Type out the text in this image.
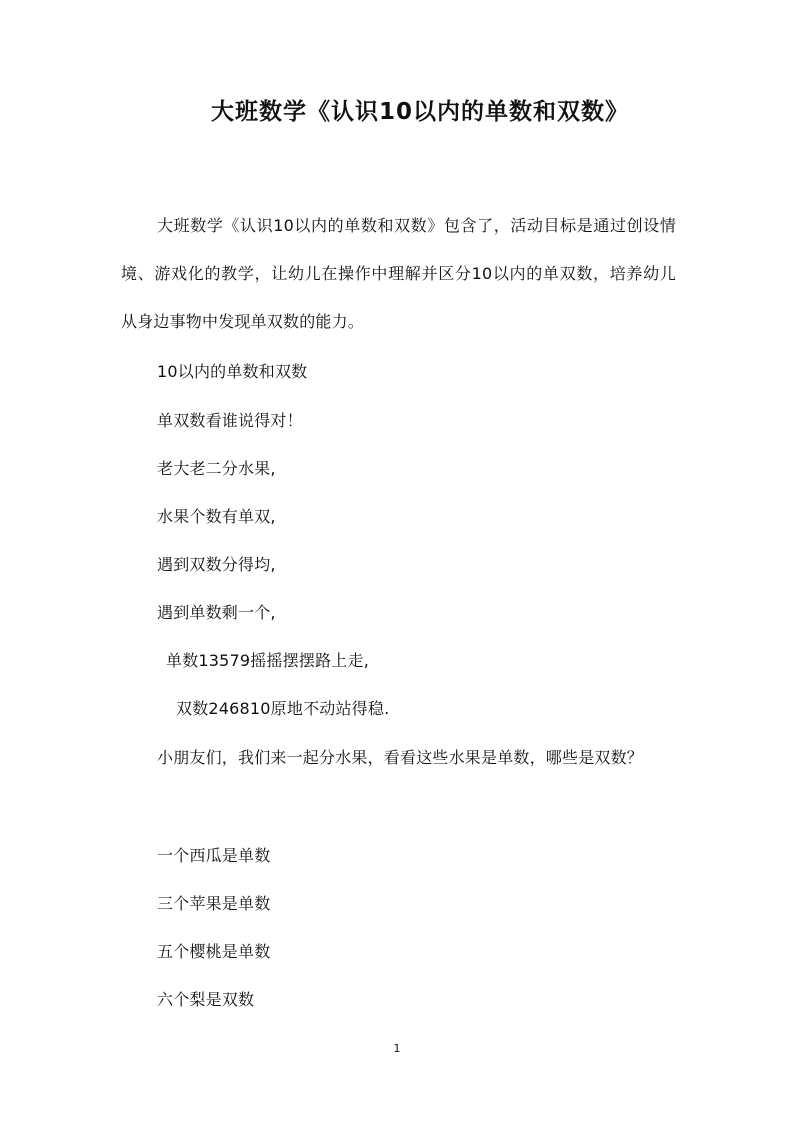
大班数学《认识10以内的单数和双数》
大班数学《认识10以内的单数和双数》包含了，活动目标是通过创设情境、游戏化的教学，让幼儿在操作中理解并区分10以内的单双数，培养幼儿从身边事物中发现单双数的能力。
10以内的单数和双数
单双数看谁说得对！
老大老二分水果,
水果个数有单双,
遇到双数分得均,
遇到单数剩一个,
单数13579摇摇摆摆路上走,
双数246810原地不动站得稳.
小朋友们，我们来一起分水果，看看这些水果是单数，哪些是双数？
一个西瓜是单数
三个苹果是单数
五个樱桃是单数
六个梨是双数
1
